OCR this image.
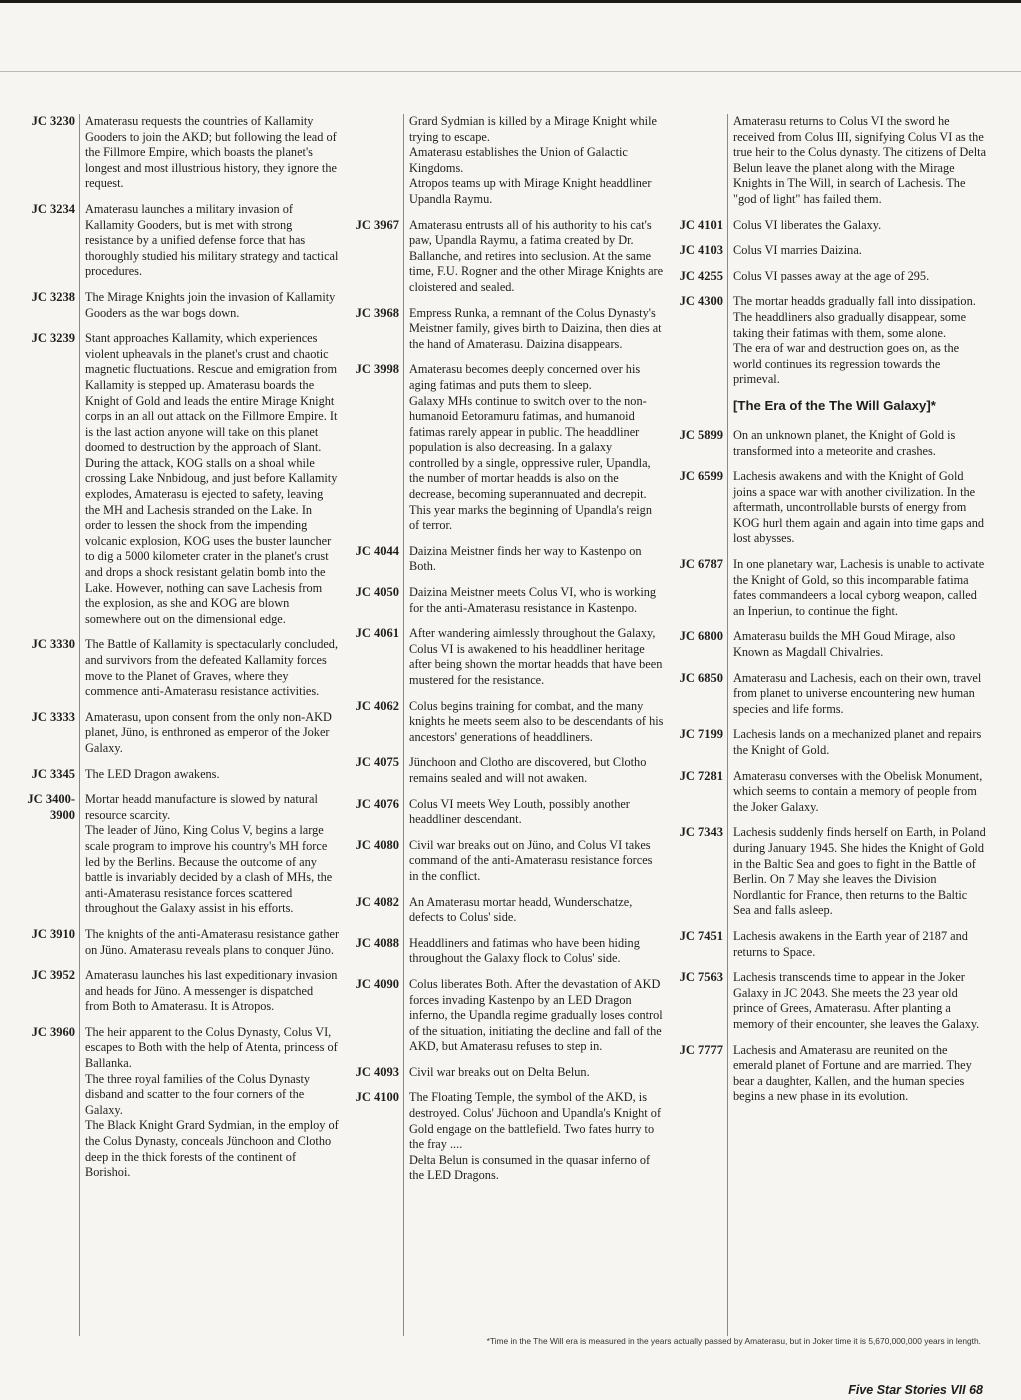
JC 3230 Amaterasu requests the countries of Kallamity Gooders to join the AKD; but following the lead of the Fillmore Empire, which boasts the planet's longest and most illustrious history, they ignore the request.

JC 3234 Amaterasu launches a military invasion of Kallamity Gooders, but is met with strong resistance by a unified defense force that has thoroughly studied his military strategy and tactical procedures.

JC 3238 The Mirage Knights join the invasion of Kallamity Gooders as the war bogs down.

JC 3239 Stant approaches Kallamity, which experiences violent upheavals in the planet's crust and chaotic magnetic fluctuations. Rescue and emigration from Kallamity is stepped up. Amaterasu boards the Knight of Gold and leads the entire Mirage Knight corps in an all out attack on the Fillmore Empire. It is the last action anyone will take on this planet doomed to destruction by the approach of Slant. During the attack, KOG stalls on a shoal while crossing Lake Nnbidoug, and just before Kallamity explodes, Amaterasu is ejected to safety, leaving the MH and Lachesis stranded on the Lake. In order to lessen the shock from the impending volcanic explosion, KOG uses the buster launcher to dig a 5000 kilometer crater in the planet's crust and drops a shock resistant gelatin bomb into the Lake. However, nothing can save Lachesis from the explosion, as she and KOG are blown somewhere out on the dimensional edge.

JC 3330 The Battle of Kallamity is spectacularly concluded, and survivors from the defeated Kallamity forces move to the Planet of Graves, where they commence anti-Amaterasu resistance activities.

JC 3333 Amaterasu, upon consent from the only non-AKD planet, Jüno, is enthroned as emperor of the Joker Galaxy.

JC 3345 The LED Dragon awakens.

JC 3400-
3900

Mortar headd manufacture is slowed by natural resource scarcity.

The leader of Jüno, King Colus V, begins a large scale program to improve his country's MH force led by the Berlins. Because the outcome of any battle is invariably decided by a clash of MHs, the anti-Amaterasu resistance forces scattered throughout the Galaxy assist in his efforts.

JC 3910 The knights of the anti-Amaterasu resistance gather on Jüno. Amaterasu reveals plans to conquer Jüno.

JC 3952 Amaterasu launches his last expeditionary invasion and heads for Jüno. A messenger is dispatched from Both to Amaterasu. It is Atropos.

JC 3960 The heir apparent to the Colus Dynasty, Colus VI, escapes to Both with the help of Atenta, princess of Ballanka.

The three royal families of the Colus Dynasty disband and scatter to the four corners of the Galaxy.

The Black Knight Grard Sydmian, in the employ of the Colus Dynasty, conceals Jünchoon and Clotho deep in the thick forests of the continent of Borishoi.

Grard Sydmian is killed by a Mirage Knight while trying to escape.

Amaterasu establishes the Union of Galactic Kingdoms.

Atropos teams up with Mirage Knight headdliner Upandla Raymu.

JC 3967 Amaterasu entrusts all of his authority to his cat's paw, Upandla Raymu, a fatima created by Dr. Ballanche, and retires into seclusion. At the same time, F.U. Rogner and the other Mirage Knights are cloistered and sealed.

JC 3968 Empress Runka, a remnant of the Colus Dynasty's Meistner family, gives birth to Daizina, then dies at the hand of Amaterasu. Daizina disappears.

JC 3998 Amaterasu becomes deeply concerned over his aging fatimas and puts them to sleep.

Galaxy MHs continue to switch over to the non-humanoid Eetoramuru fatimas, and humanoid fatimas rarely appear in public. The headdliner population is also decreasing. In a galaxy controlled by a single, oppressive ruler, Upandla, the number of mortar headds is also on the decrease, becoming superannuated and decrepit.

This year marks the beginning of Upandla's reign of terror.

JC 4044 Daizina Meistner finds her way to Kastenpo on Both.

JC 4050 Daizina Meistner meets Colus VI, who is working for the anti-Amaterasu resistance in Kastenpo.

JC 4061 After wandering aimlessly throughout the Galaxy, Colus VI is awakened to his headdliner heritage after being shown the mortar headds that have been mustered for the resistance.

JC 4062 Colus begins training for combat, and the many knights he meets seem also to be descendants of his ancestors' generations of headdliners.

JC 4075 Jünchoon and Clotho are discovered, but Clotho remains sealed and will not awaken.

JC 4076 Colus VI meets Wey Louth, possibly another headdliner descendant.

JC 4080 Civil war breaks out on Jüno, and Colus VI takes command of the anti-Amaterasu resistance forces in the conflict.

JC 4082 An Amaterasu mortar headd, Wunderschatze, defects to Colus' side.

JC 4088 Headdliners and fatimas who have been hiding throughout the Galaxy flock to Colus' side.

JC 4090 Colus liberates Both. After the devastation of AKD forces invading Kastenpo by an LED Dragon inferno, the Upandla regime gradually loses control of the situation, initiating the decline and fall of the AKD, but Amaterasu refuses to step in.

JC 4093 Civil war breaks out on Delta Belun.

JC 4100 The Floating Temple, the symbol of the AKD, is destroyed. Colus' Jüchoon and Upandla's Knight of Gold engage on the battlefield. Two fates hurry to the fray ....

Delta Belun is consumed in the quasar inferno of the LED Dragons.

Amaterasu returns to Colus VI the sword he received from Colus III, signifying Colus VI as the true heir to the Colus dynasty. The citizens of Delta Belun leave the planet along with the Mirage Knights in The Will, in search of Lachesis. The "god of light" has failed them.

JC 4101 Colus VI liberates the Galaxy.

JC 4103 Colus VI marries Daizina.

JC 4255 Colus VI passes away at the age of 295.

JC 4300 The mortar headds gradually fall into dissipation. The headdliners also gradually disappear, some taking their fatimas with them, some alone.

The era of war and destruction goes on, as the world continues its regression towards the primeval.

[The Era of the The Will Galaxy]*
JC 5899 On an unknown planet, the Knight of Gold is transformed into a meteorite and crashes.

JC 6599 Lachesis awakens and with the Knight of Gold joins a space war with another civilization. In the aftermath, uncontrollable bursts of energy from KOG hurl them again and again into time gaps and lost abysses.

JC 6787 In one planetary war, Lachesis is unable to activate the Knight of Gold, so this incomparable fatima fates commandeers a local cyborg weapon, called an Inperiun, to continue the fight.

JC 6800 Amaterasu builds the MH Goud Mirage, also Known as Magdall Chivalries.

JC 6850 Amaterasu and Lachesis, each on their own, travel from planet to universe encountering new human species and life forms.

JC 7199 Lachesis lands on a mechanized planet and repairs the Knight of Gold.

JC 7281 Amaterasu converses with the Obelisk Monument, which seems to contain a memory of people from the Joker Galaxy.

JC 7343 Lachesis suddenly finds herself on Earth, in Poland during January 1945. She hides the Knight of Gold in the Baltic Sea and goes to fight in the Battle of Berlin. On 7 May she leaves the Division Nordlantic for France, then returns to the Baltic Sea and falls asleep.

JC 7451 Lachesis awakens in the Earth year of 2187 and returns to Space.

JC 7563 Lachesis transcends time to appear in the Joker Galaxy in JC 2043. She meets the 23 year old prince of Grees, Amaterasu. After planting a memory of their encounter, she leaves the Galaxy.

JC 7777 Lachesis and Amaterasu are reunited on the emerald planet of Fortune and are married. They bear a daughter, Kallen, and the human species begins a new phase in its evolution.

*Time in the The Will era is measured in the years actually passed by Amaterasu, but in Joker time it is 5,670,000,000 years in length.
Five Star Stories VII 68
